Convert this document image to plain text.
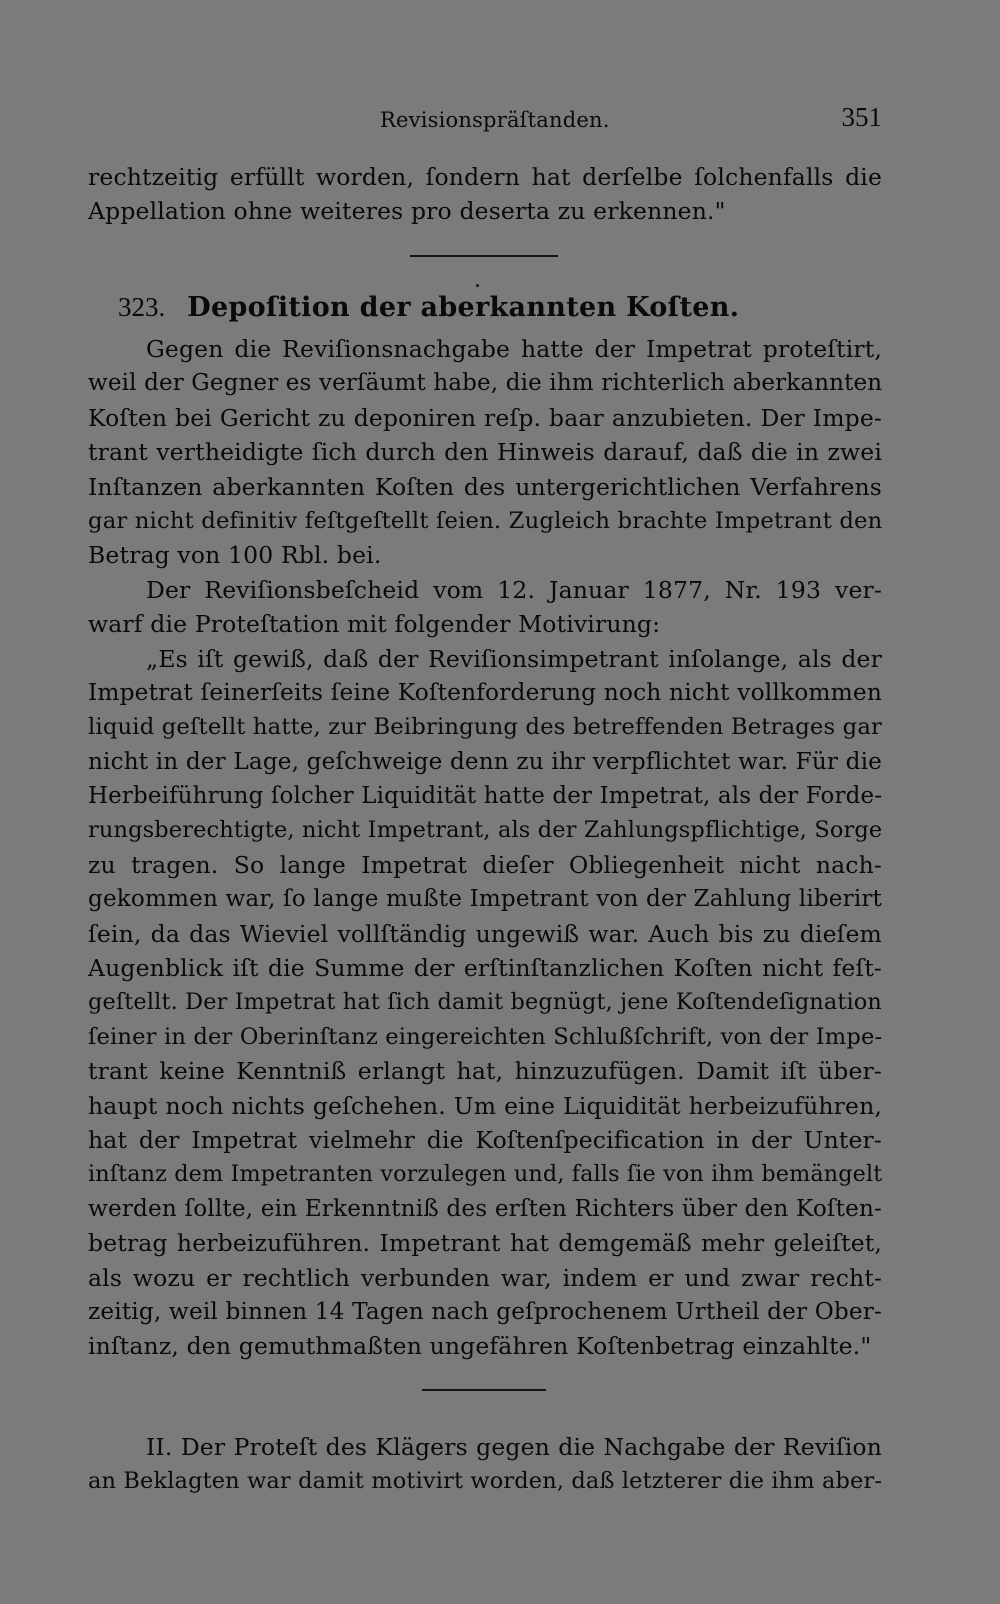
Revisionspräſtanden.	351
rechtzeitig erfüllt worden, ſondern hat derſelbe ſolchenfalls die
Appellation ohne weiteres pro deserta zu erkennen."
323. Depoſition der aberkannten Koſten.
Gegen die Reviſionsnachgabe hatte der Impetrat proteſtirt,
weil der Gegner es verſäumt habe, die ihm richterlich aberkannten
Koſten bei Gericht zu deponiren reſp. baar anzubieten. Der Impe-
trant vertheidigte ſich durch den Hinweis darauf, daß die in zwei
Inſtanzen aberkannten Koſten des untergerichtlichen Verfahrens
gar nicht definitiv feſtgeſtellt ſeien. Zugleich brachte Impetrant den
Betrag von 100 Rbl. bei.
Der Reviſionsbeſcheid vom 12. Januar 1877, Nr. 193 ver-
warf die Proteſtation mit folgender Motivirung:
„Es iſt gewiß, daß der Reviſionsimpetrant inſolange, als der
Impetrat ſeinerſeits ſeine Koſtenforderung noch nicht vollkommen
liquid geſtellt hatte, zur Beibringung des betreffenden Betrages gar
nicht in der Lage, geſchweige denn zu ihr verpflichtet war. Für die
Herbeiführung ſolcher Liquidität hatte der Impetrat, als der Forde-
rungsberechtigte, nicht Impetrant, als der Zahlungspflichtige, Sorge
zu tragen. So lange Impetrat dieſer Obliegenheit nicht nach-
gekommen war, ſo lange mußte Impetrant von der Zahlung liberirt
ſein, da das Wieviel vollſtändig ungewiß war. Auch bis zu dieſem
Augenblick iſt die Summe der erſtinſtanzlichen Koſten nicht feſt-
geſtellt. Der Impetrat hat ſich damit begnügt, jene Koſtendeſignation
ſeiner in der Oberinſtanz eingereichten Schlußſchrift, von der Impe-
trant keine Kenntniß erlangt hat, hinzuzufügen. Damit iſt über-
haupt noch nichts geſchehen. Um eine Liquidität herbeizuführen,
hat der Impetrat vielmehr die Koſtenſpecification in der Unter-
inſtanz dem Impetranten vorzulegen und, falls ſie von ihm bemängelt
werden ſollte, ein Erkenntniß des erſten Richters über den Koſten-
betrag herbeizuführen. Impetrant hat demgemäß mehr geleiſtet,
als wozu er rechtlich verbunden war, indem er und zwar recht-
zeitig, weil binnen 14 Tagen nach geſprochenem Urtheil der Ober-
inſtanz, den gemuthmaßten ungefähren Koſtenbetrag einzahlte."
II. Der Proteſt des Klägers gegen die Nachgabe der Reviſion
an Beklagten war damit motivirt worden, daß letzterer die ihm aber-
